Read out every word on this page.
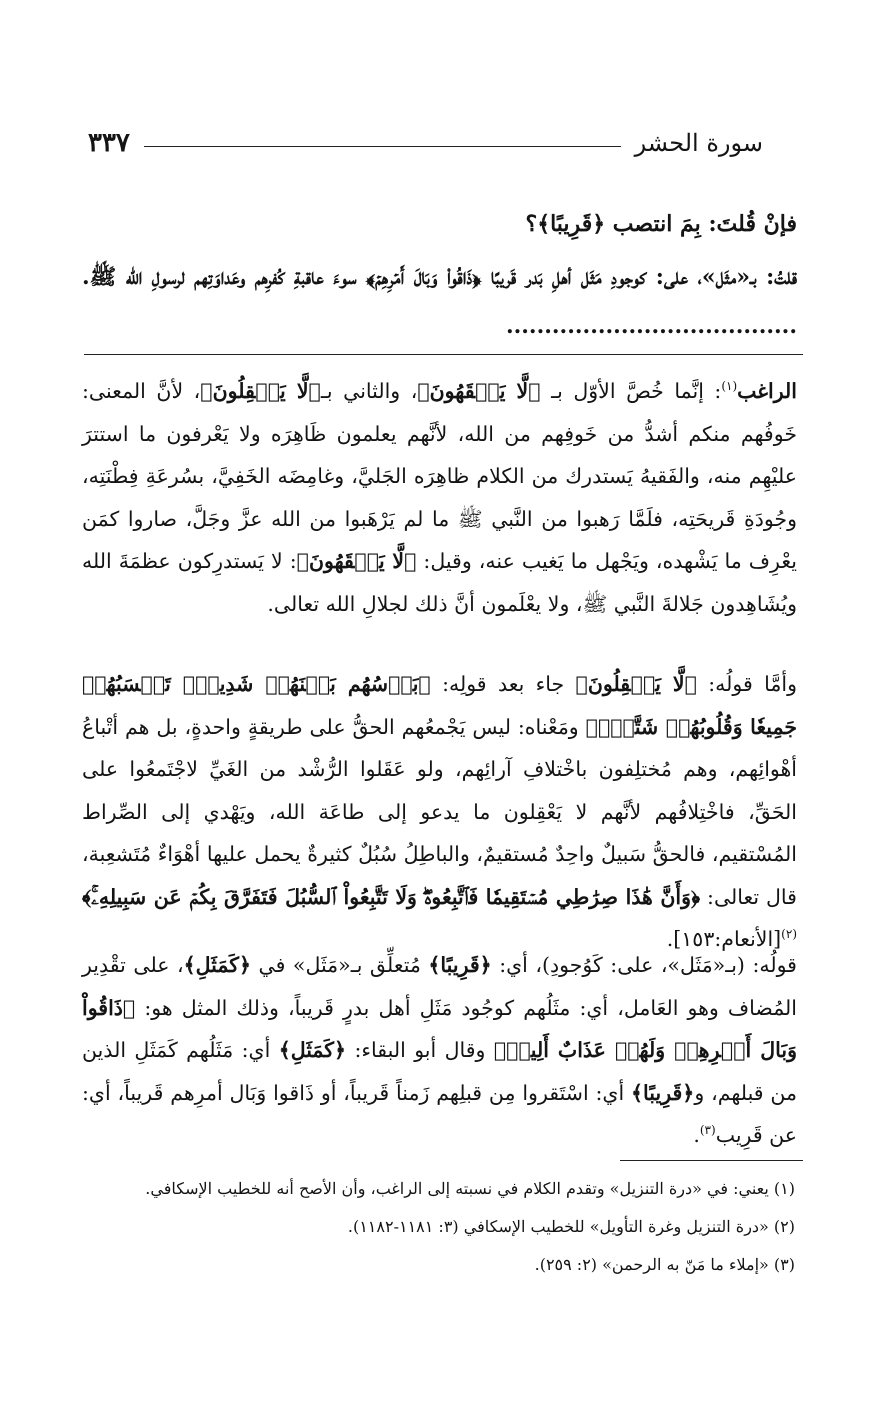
سورة الحشر
٣٣٧

فإنْ قُلتَ: بِمَ انتصب ﴿قَرِيبًا﴾؟

قلتُ: بـ«مثَل»، على: كوجودِ مَثَل أهلِ بَدر قَريبًا ﴿ذَاقُواْ وَبَالَ أَمۡرِهِمۡ﴾ سوءَ عاقبةِ كُفرِهم وعَداوَتِهم لرسولِ الله ﷺ. ......................................

الراغب$^{(١)}$: إنَّما خُصَّ الأوّل بـ ﴿لَّا يَفۡقَهُونَ﴾، والثاني بـ﴿لَّا يَعۡقِلُونَ﴾، لأنَّ المعنى: خَوفُهم منكم أشدُّ من خَوفِهم من الله، لأنَّهم يعلمون ظَاهِرَه ولا يَعْرفون ما استترَ عليْهِم منه، والفَقيهُ يَستدرك من الكلام ظاهِرَه الجَليَّ، وغامِضَه الخَفِيَّ، بسُرعَةِ فِطْنَتِه، وجُودَةِ قَريحَتِه، فلَمَّا رَهبوا من النَّبي ﷺ ما لم يَرْهَبوا من الله عزَّ وجَلَّ، صاروا كمَن يعْرِف ما يَشْهده، ويَجْهل ما يَغيب عنه، وقيل: ﴿لَّا يَفۡقَهُونَ﴾: لا يَستدرِكون عظمَةَ الله ويُشَاهِدون جَلالةَ النَّبي ﷺ، ولا يعْلَمون أنَّ ذلك لجلالِ الله تعالى.

وأمَّا قولُه: ﴿لَّا يَعۡقِلُونَ﴾ جاء بعد قولِه: ﴿بَأۡسُهُم بَيۡنَهُمۡ شَدِيدٞۚ تَحۡسَبُهُمۡ جَمِيعٗا وَقُلُوبُهُمۡ شَتَّىٰۚ﴾ ومَعْناه: ليس يَجْمعُهم الحقُّ على طريقةٍ واحدةٍ، بل هم أتْباعُ أهْوائِهم، وهم مُختلِفون باخْتلافِ آرائِهم، ولو عَقَلوا الرُّشْد من الغَيِّ لاجْتَمعُوا على الحَقِّ، فاخْتِلافُهم لأنَّهم لا يَعْقِلون ما يدعو إلى طاعَة الله، ويَهْدي إلى الصِّراط المُسْتقيم، فالحقُّ سَبيلٌ واحِدٌ مُستقيمٌ، والباطِلُ سُبُلٌ كثيرةٌ يحمل عليها أهْوَاءٌ مُتَشعِبة، قال تعالى: ﴿وَأَنَّ هَٰذَا صِرَٰطِي مُسۡتَقِيمٗا فَٱتَّبِعُوهُۖ وَلَا تَتَّبِعُواْ ٱلسُّبُلَ فَتَفَرَّقَ بِكُمۡ عَن سَبِيلِهِۦۚ﴾$^{(٢)}$[الأنعام:١٥٣].

قولُه: (بـ«مَثَل»، على: كَوُجودِ)، أي: ﴿قَرِيبًا﴾ مُتعلِّق بـ«مَثَل» في ﴿كَمَثَلِ﴾، على تقْدِير المُضاف وهو العَامل، أي: مثَلُهم كوجُود مَثَلِ أهل بدرٍ قَريباً، وذلك المثل هو: ﴿ذَاقُواْ وَبَالَ أَمۡرِهِمۡ وَلَهُمۡ عَذَابٌ أَلِيمٞ﴾ وقال أبو البقاء: ﴿كَمَثَلِ﴾ أي: مَثَلُهم كَمَثَلِ الذين من قبلهم، و﴿قَرِيبًا﴾ أي: اسْتَقروا مِن قبلِهم زَمناً قَريباً، أو ذَاقوا وَبَال أمرِهم قَريباً، أي: عن قَرِيب$^{(٣)}$.

(١) يعني: في «درة التنزيل» وتقدم الكلام في نسبته إلى الراغب، وأن الأصح أنه للخطيب الإسكافي.
(٢) «درة التنزيل وغرة التأويل» للخطيب الإسكافي (٣: ١١٨١-١١٨٢).
(٣) «إملاء ما مَنّ به الرحمن» (٢: ٢٥٩).
